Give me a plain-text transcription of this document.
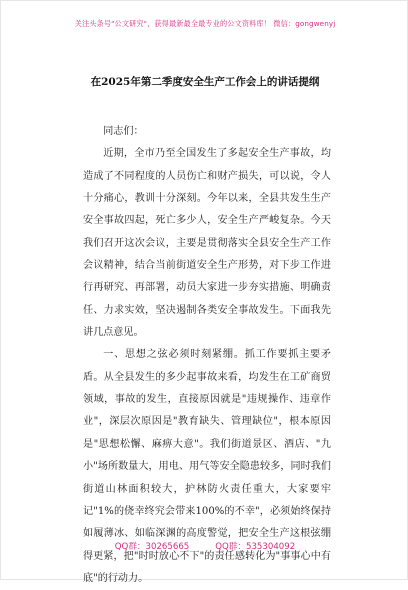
关注头条号"公文研究"，获得最新最全最专业的公文资料库！ 微信：gongwenyj
在2025年第二季度安全生产工作会上的讲话提纲

同志们：

近期，全市乃至全国发生了多起安全生产事故，均造成了不同程度的人员伤亡和财产损失，可以说，令人十分痛心，教训十分深刻。今年以来，全县共发生生产安全事故四起，死亡多少人，安全生产严峻复杂。今天我们召开这次会议，主要是贯彻落实全县安全生产工作会议精神，结合当前街道安全生产形势，对下步工作进行再研究、再部署，动员大家进一步夯实措施、明确责任、力求实效，坚决遏制各类安全事故发生。下面我先讲几点意见。

一、思想之弦必须时刻紧绷。抓工作要抓主要矛盾。从全县发生的多少起事故来看，均发生在工矿商贸领域，事故的发生，直接原因就是"违规操作、违章作业"，深层次原因是"教育缺失、管理缺位"，根本原因是"思想松懈、麻痹大意"。我们街道景区、酒店、"九小"场所数量大，用电、用气等安全隐患较多，同时我们街道山林面积较大，护林防火责任重大，大家要牢记"1%的侥幸终究会带来100%的不幸"，必须始终保持如履薄冰、如临深渊的高度警觉，把安全生产这根弦绷得更紧，把"时时放心不下"的责任感转化为"事事心中有底"的行动力。

QQ群：30265665	QQ群：535304092
